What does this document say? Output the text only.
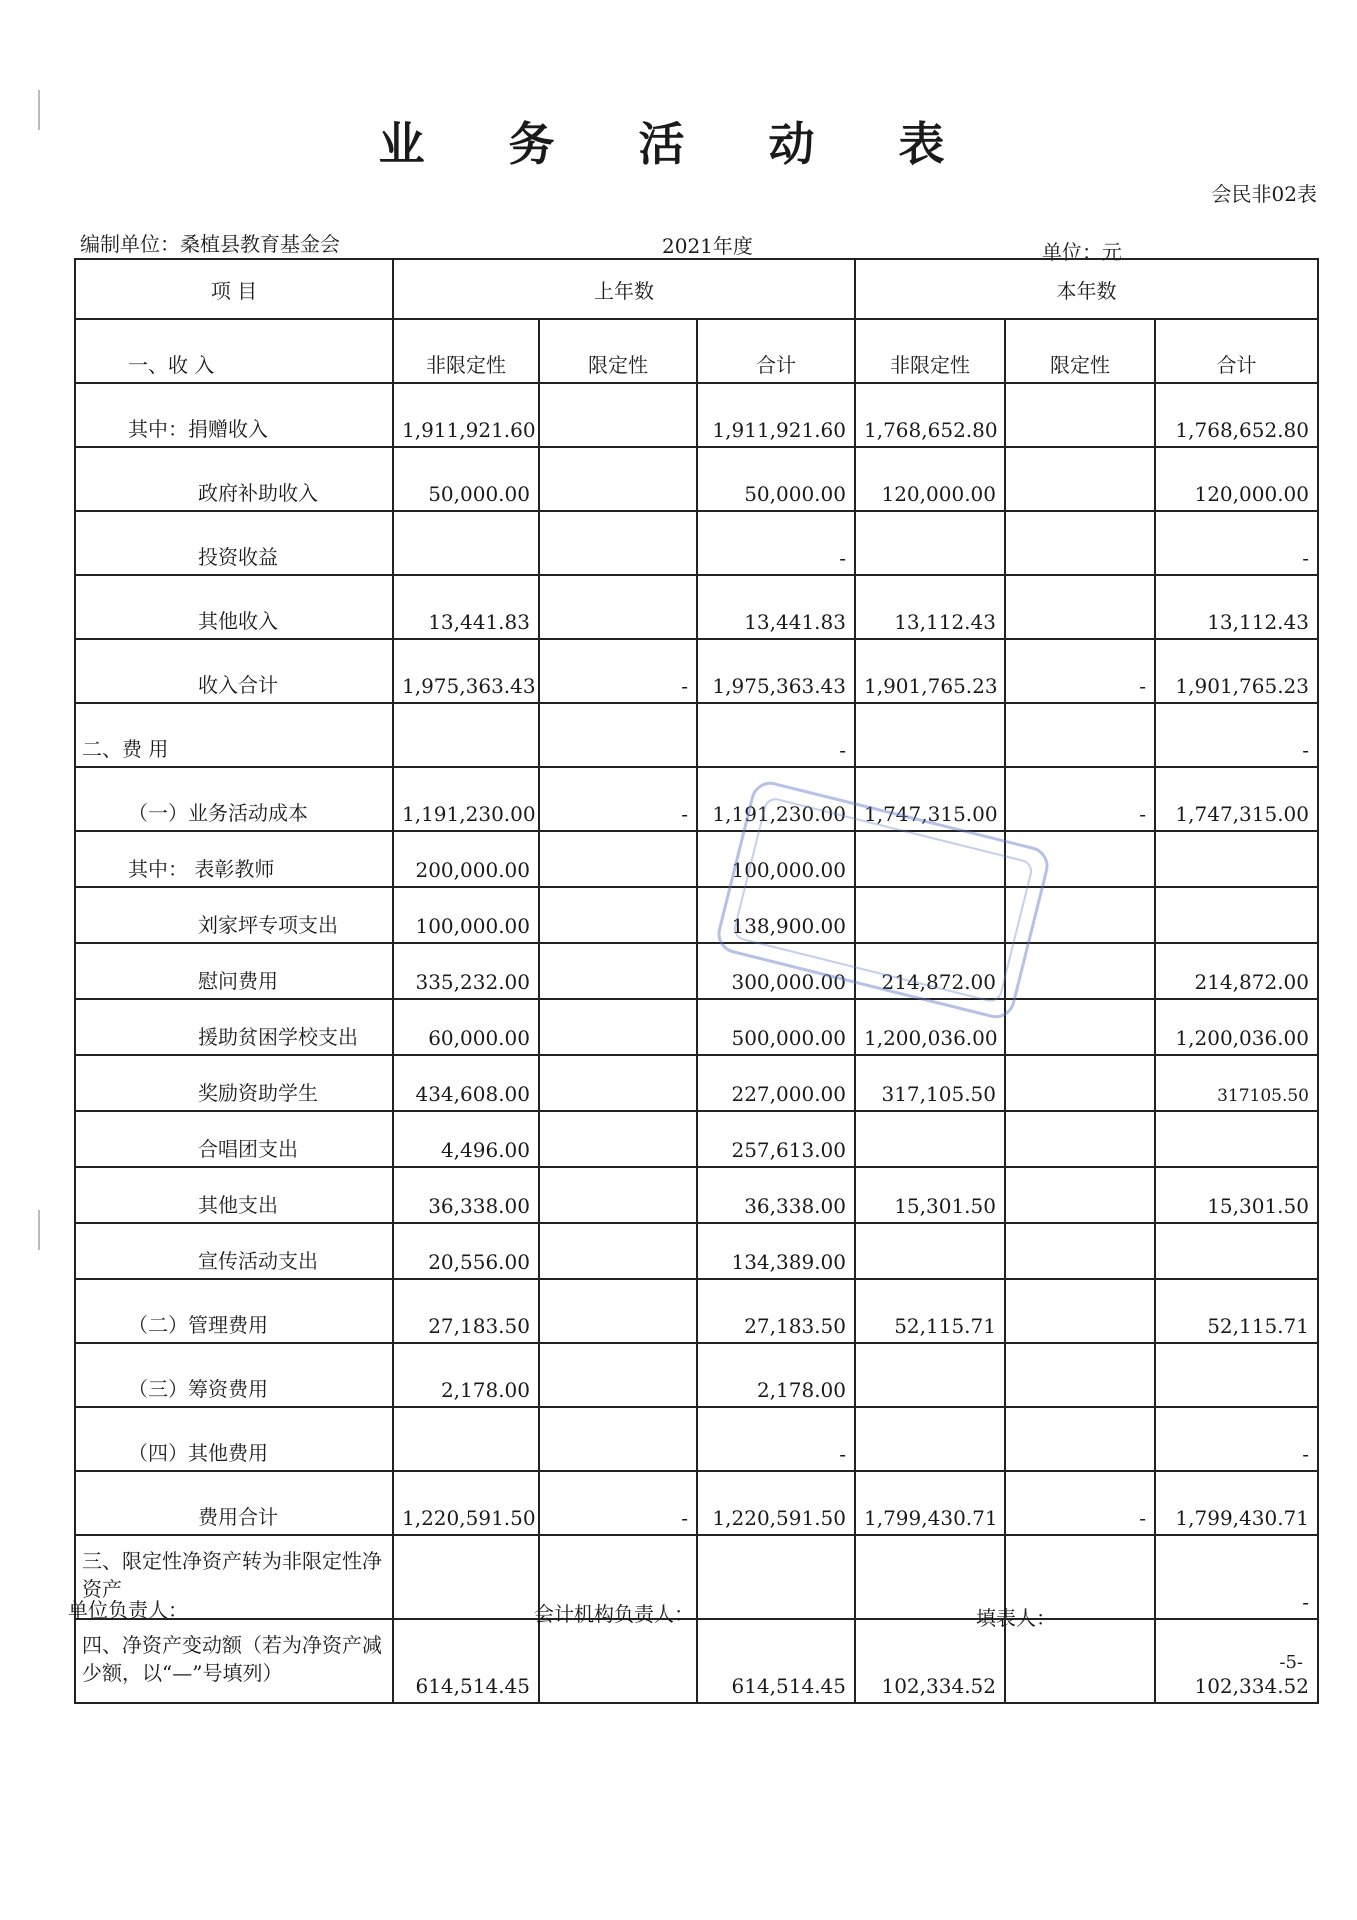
业 务 活 动 表
会民非02表
编制单位：桑植县教育基金会	2021年度	单位：元
项 目	上年数			本年数		
一、收 入	非限定性	限定性	合计	非限定性	限定性	合计
其中：捐赠收入	1,911,921.60		1,911,921.60	1,768,652.80		1,768,652.80
政府补助收入	50,000.00		50,000.00	120,000.00		120,000.00
投资收益			-			-
其他收入	13,441.83		13,441.83	13,112.43		13,112.43
收入合计	1,975,363.43	-	1,975,363.43	1,901,765.23	-	1,901,765.23
二、费 用			-			-
（一）业务活动成本	1,191,230.00	-	1,191,230.00	1,747,315.00	-	1,747,315.00
其中： 表彰教师	200,000.00		100,000.00			
刘家坪专项支出	100,000.00		138,900.00			
慰问费用	335,232.00		300,000.00	214,872.00		214,872.00
援助贫困学校支出	60,000.00		500,000.00	1,200,036.00		1,200,036.00
奖励资助学生	434,608.00		227,000.00	317,105.50		317105.50
合唱团支出	4,496.00		257,613.00			
其他支出	36,338.00		36,338.00	15,301.50		15,301.50
宣传活动支出	20,556.00		134,389.00			
（二）管理费用	27,183.50		27,183.50	52,115.71		52,115.71
（三）筹资费用	2,178.00		2,178.00			
（四）其他费用			-			-
费用合计	1,220,591.50	-	1,220,591.50	1,799,430.71	-	1,799,430.71
三、限定性净资产转为非限定性净资产						-
四、净资产变动额（若为净资产减少额，以“—”号填列）	614,514.45		614,514.45	102,334.52		102,334.52
单位负责人：	会计机构负责人：	填表人：
-5-
